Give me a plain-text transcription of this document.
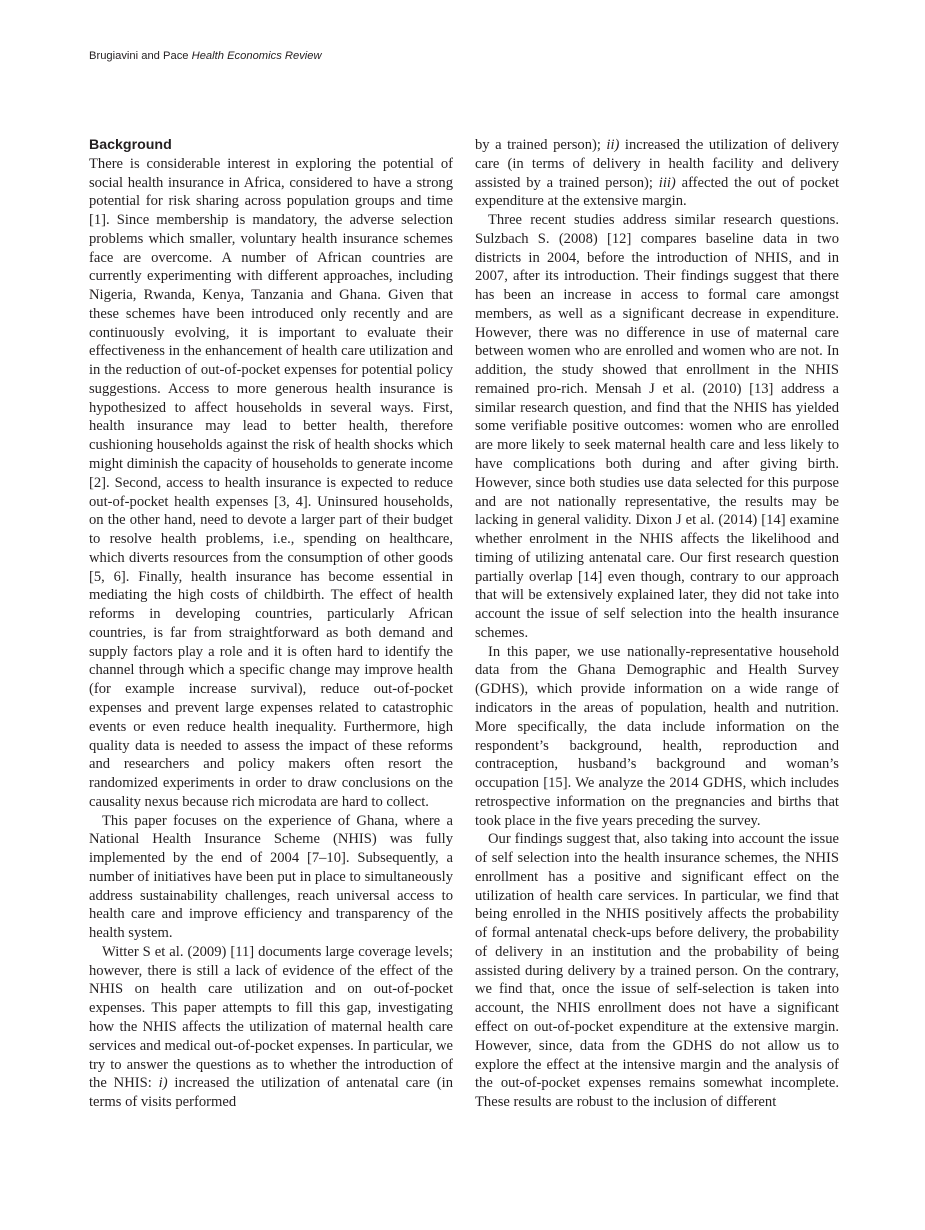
Brugiavini and Pace Health Economics Review
Background

There is considerable interest in exploring the potential of social health insurance in Africa, considered to have a strong potential for risk sharing across population groups and time [1]. Since membership is mandatory, the adverse selection problems which smaller, voluntary health insurance schemes face are overcome. A number of African countries are currently experimenting with different approaches, including Nigeria, Rwanda, Kenya, Tanzania and Ghana. Given that these schemes have been introduced only recently and are continuously evolving, it is important to evaluate their effectiveness in the enhancement of health care utilization and in the reduction of out-of-pocket expenses for potential policy suggestions. Access to more generous health insurance is hypothesized to affect households in several ways. First, health insurance may lead to better health, therefore cushioning households against the risk of health shocks which might diminish the capacity of households to generate income [2]. Second, access to health insurance is expected to reduce out-of-pocket health expenses [3, 4]. Uninsured households, on the other hand, need to devote a larger part of their budget to resolve health problems, i.e., spending on healthcare, which diverts resources from the consumption of other goods [5, 6]. Finally, health insurance has become essential in mediating the high costs of childbirth. The effect of health reforms in developing countries, particularly African countries, is far from straightforward as both demand and supply factors play a role and it is often hard to identify the channel through which a specific change may improve health (for example increase survival), reduce out-of-pocket expenses and prevent large expenses related to catastrophic events or even reduce health inequality. Furthermore, high quality data is needed to assess the impact of these reforms and researchers and policy makers often resort the randomized experiments in order to draw conclusions on the causality nexus because rich microdata are hard to collect.

This paper focuses on the experience of Ghana, where a National Health Insurance Scheme (NHIS) was fully implemented by the end of 2004 [7–10]. Subsequently, a number of initiatives have been put in place to simultaneously address sustainability challenges, reach universal access to health care and improve efficiency and transparency of the health system.

Witter S et al. (2009) [11] documents large coverage levels; however, there is still a lack of evidence of the effect of the NHIS on health care utilization and on out-of-pocket expenses. This paper attempts to fill this gap, investigating how the NHIS affects the utilization of maternal health care services and medical out-of-pocket expenses. In particular, we try to answer the questions as to whether the introduction of the NHIS: i) increased the utilization of antenatal care (in terms of visits performed

by a trained person); ii) increased the utilization of delivery care (in terms of delivery in health facility and delivery assisted by a trained person); iii) affected the out of pocket expenditure at the extensive margin.

Three recent studies address similar research questions. Sulzbach S. (2008) [12] compares baseline data in two districts in 2004, before the introduction of NHIS, and in 2007, after its introduction. Their findings suggest that there has been an increase in access to formal care amongst members, as well as a significant decrease in expenditure. However, there was no difference in use of maternal care between women who are enrolled and women who are not. In addition, the study showed that enrollment in the NHIS remained pro-rich. Mensah J et al. (2010) [13] address a similar research question, and find that the NHIS has yielded some verifiable positive outcomes: women who are enrolled are more likely to seek maternal health care and less likely to have complications both during and after giving birth. However, since both studies use data selected for this purpose and are not nationally representative, the results may be lacking in general validity. Dixon J et al. (2014) [14] examine whether enrolment in the NHIS affects the likelihood and timing of utilizing antenatal care. Our first research question partially overlap [14] even though, contrary to our approach that will be extensively explained later, they did not take into account the issue of self selection into the health insurance schemes.

In this paper, we use nationally-representative household data from the Ghana Demographic and Health Survey (GDHS), which provide information on a wide range of indicators in the areas of population, health and nutrition. More specifically, the data include information on the respondent’s background, health, reproduction and contraception, husband’s background and woman’s occupation [15]. We analyze the 2014 GDHS, which includes retrospective information on the pregnancies and births that took place in the five years preceding the survey.

Our findings suggest that, also taking into account the issue of self selection into the health insurance schemes, the NHIS enrollment has a positive and significant effect on the utilization of health care services. In particular, we find that being enrolled in the NHIS positively affects the probability of formal antenatal check-ups before delivery, the probability of delivery in an institution and the probability of being assisted during delivery by a trained person. On the contrary, we find that, once the issue of self-selection is taken into account, the NHIS enrollment does not have a significant effect on out-of-pocket expenditure at the extensive margin. However, since, data from the GDHS do not allow us to explore the effect at the intensive margin and the analysis of the out-of-pocket expenses remains somewhat incomplete. These results are robust to the inclusion of different
